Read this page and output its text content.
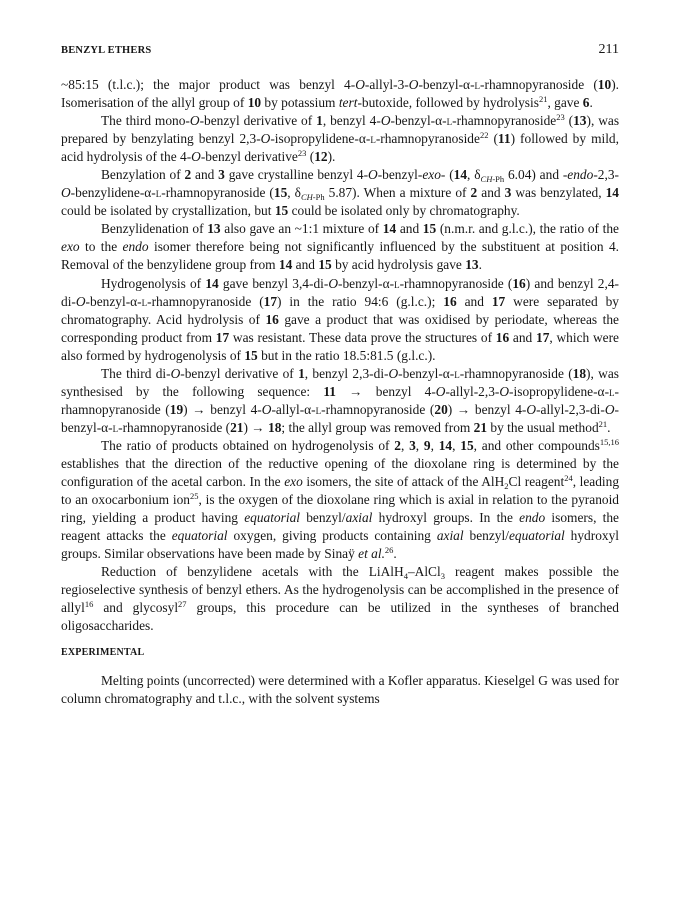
BENZYL ETHERS	211

~85:15 (t.l.c.); the major product was benzyl 4-O-allyl-3-O-benzyl-α-l-rhamnopyranoside (10). Isomerisation of the allyl group of 10 by potassium tert-butoxide, followed by hydrolysis$^{21}$, gave 6.

The third mono-O-benzyl derivative of 1, benzyl 4-O-benzyl-α-l-rhamnopyranoside$^{23}$ (13), was prepared by benzylating benzyl 2,3-O-isopropylidene-α-l-rhamnopyranoside$^{22}$ (11) followed by mild, acid hydrolysis of the 4-O-benzyl derivative$^{23}$ (12).

Benzylation of 2 and 3 gave crystalline benzyl 4-O-benzyl-exo- (14, $\delta_{CH-Ph}$ 6.04) and -endo-2,3-O-benzylidene-α-l-rhamnopyranoside (15, $\delta_{CH-Ph}$ 5.87). When a mixture of 2 and 3 was benzylated, 14 could be isolated by crystallization, but 15 could be isolated only by chromatography.

Benzylidenation of 13 also gave an ~1:1 mixture of 14 and 15 (n.m.r. and g.l.c.), the ratio of the exo to the endo isomer therefore being not significantly influenced by the substituent at position 4. Removal of the benzylidene group from 14 and 15 by acid hydrolysis gave 13.

Hydrogenolysis of 14 gave benzyl 3,4-di-O-benzyl-α-l-rhamnopyranoside (16) and benzyl 2,4-di-O-benzyl-α-l-rhamnopyranoside (17) in the ratio 94:6 (g.l.c.); 16 and 17 were separated by chromatography. Acid hydrolysis of 16 gave a product that was oxidised by periodate, whereas the corresponding product from 17 was resistant. These data prove the structures of 16 and 17, which were also formed by hydrogenolysis of 15 but in the ratio 18.5:81.5 (g.l.c.).

The third di-O-benzyl derivative of 1, benzyl 2,3-di-O-benzyl-α-l-rhamnopyranoside (18), was synthesised by the following sequence: 11 → benzyl 4-O-allyl-2,3-O-isopropylidene-α-l-rhamnopyranoside (19) → benzyl 4-O-allyl-α-l-rhamnopyranoside (20) → benzyl 4-O-allyl-2,3-di-O-benzyl-α-l-rhamnopyranoside (21) → 18; the allyl group was removed from 21 by the usual method$^{21}$.

The ratio of products obtained on hydrogenolysis of 2, 3, 9, 14, 15, and other compounds$^{15,16}$ establishes that the direction of the reductive opening of the dioxolane ring is determined by the configuration of the acetal carbon. In the exo isomers, the site of attack of the AlH$_2$Cl reagent$^{24}$, leading to an oxocarbonium ion$^{25}$, is the oxygen of the dioxolane ring which is axial in relation to the pyranoid ring, yielding a product having equatorial benzyl/axial hydroxyl groups. In the endo isomers, the reagent attacks the equatorial oxygen, giving products containing axial benzyl/equatorial hydroxyl groups. Similar observations have been made by Sinaÿ et al.$^{26}$.

Reduction of benzylidene acetals with the LiAlH$_4$–AlCl$_3$ reagent makes possible the regioselective synthesis of benzyl ethers. As the hydrogenolysis can be accomplished in the presence of allyl$^{16}$ and glycosyl$^{27}$ groups, this procedure can be utilized in the syntheses of branched oligosaccharides.

EXPERIMENTAL

Melting points (uncorrected) were determined with a Kofler apparatus. Kieselgel G was used for column chromatography and t.l.c., with the solvent systems
